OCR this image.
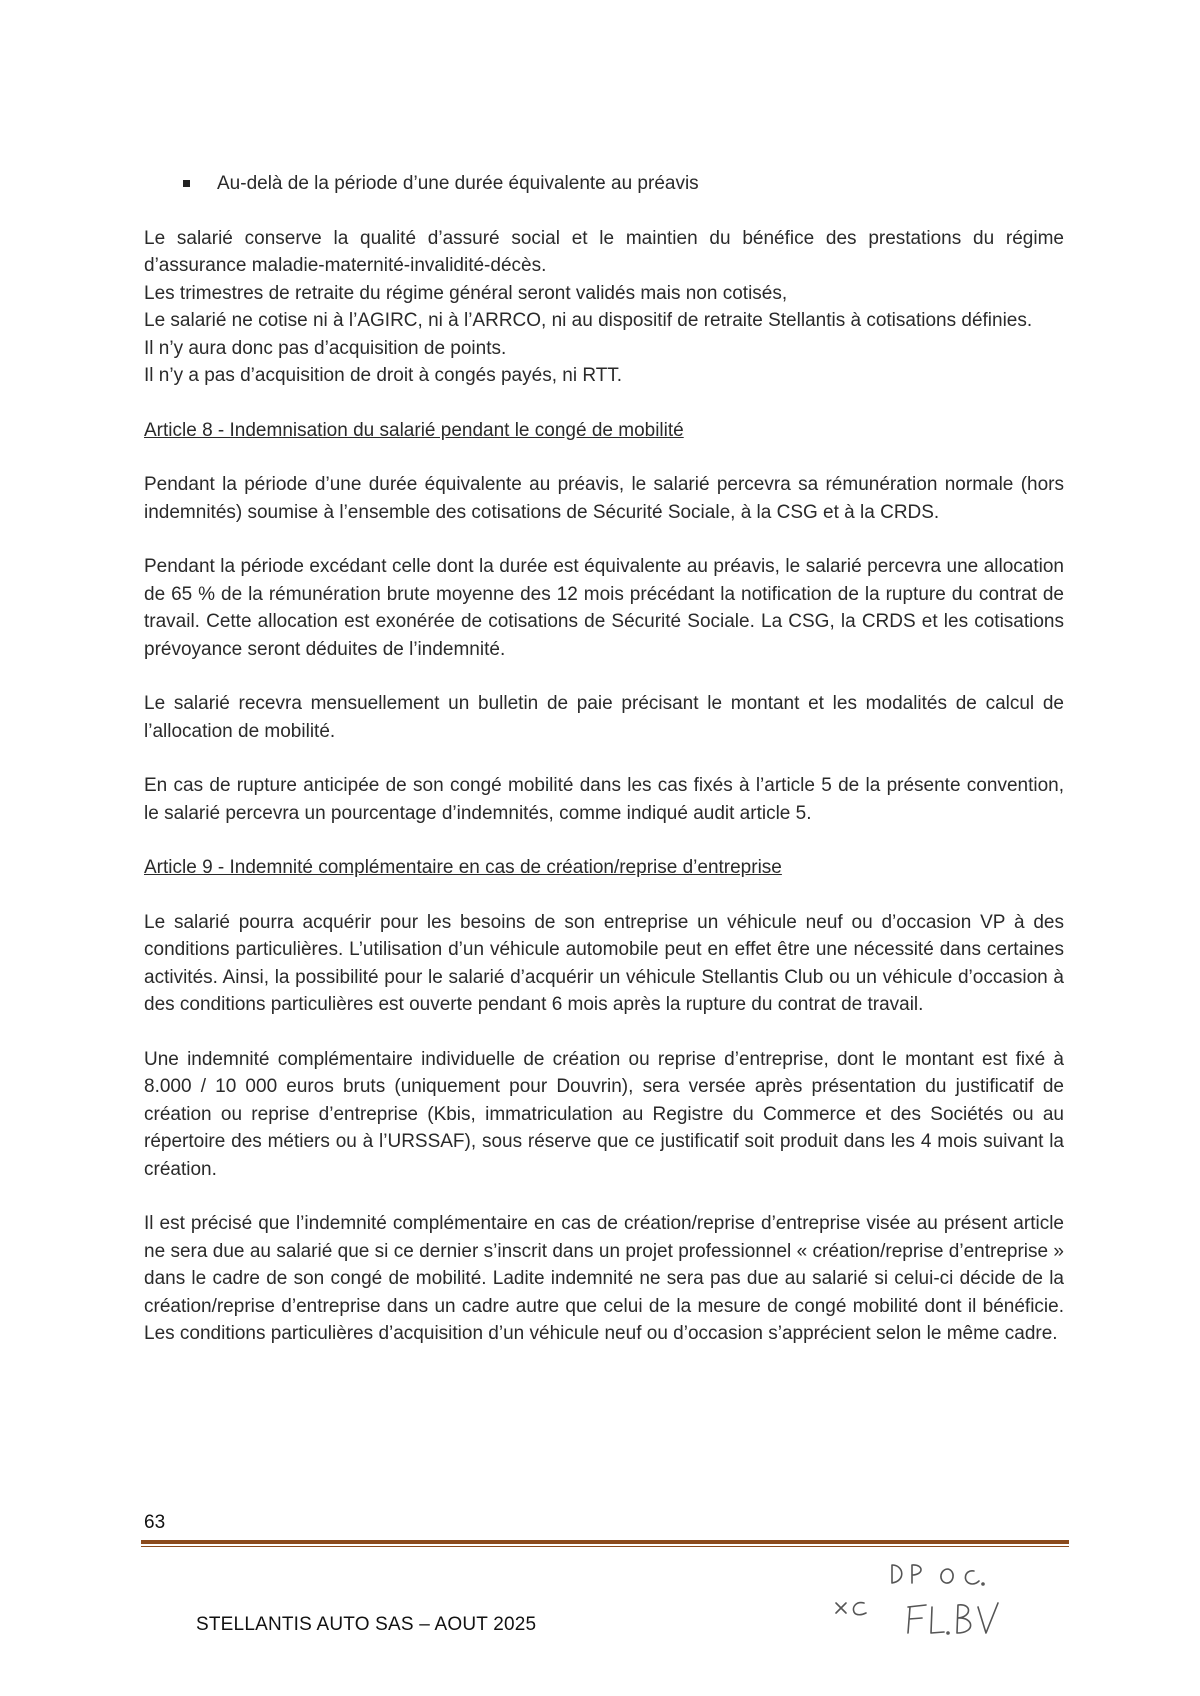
Au-delà de la période d’une durée équivalente au préavis

Le salarié conserve la qualité d’assuré social et le maintien du bénéfice des prestations du régime d’assurance maladie-maternité-invalidité-décès.

Les trimestres de retraite du régime général seront validés mais non cotisés,

Le salarié ne cotise ni à l’AGIRC, ni à l’ARRCO, ni au dispositif de retraite Stellantis à cotisations définies.

Il n’y aura donc pas d’acquisition de points.

Il n’y a pas d’acquisition de droit à congés payés, ni RTT.

Article 8 - Indemnisation du salarié pendant le congé de mobilité

Pendant la période d’une durée équivalente au préavis, le salarié percevra sa rémunération normale (hors indemnités) soumise à l’ensemble des cotisations de Sécurité Sociale, à la CSG et à la CRDS.

Pendant la période excédant celle dont la durée est équivalente au préavis, le salarié percevra une allocation de 65 % de la rémunération brute moyenne des 12 mois précédant la notification de la rupture du contrat de travail. Cette allocation est exonérée de cotisations de Sécurité Sociale. La CSG, la CRDS et les cotisations prévoyance seront déduites de l’indemnité.

Le salarié recevra mensuellement un bulletin de paie précisant le montant et les modalités de calcul de l’allocation de mobilité.

En cas de rupture anticipée de son congé mobilité dans les cas fixés à l’article 5 de la présente convention, le salarié percevra un pourcentage d’indemnités, comme indiqué audit article 5.

Article 9 - Indemnité complémentaire en cas de création/reprise d’entreprise

Le salarié pourra acquérir pour les besoins de son entreprise un véhicule neuf ou d’occasion VP à des conditions particulières. L’utilisation d’un véhicule automobile peut en effet être une nécessité dans certaines activités. Ainsi, la possibilité pour le salarié d’acquérir un véhicule Stellantis Club ou un véhicule d’occasion à des conditions particulières est ouverte pendant 6 mois après la rupture du contrat de travail.

Une indemnité complémentaire individuelle de création ou reprise d’entreprise, dont le montant est fixé à 8.000 / 10 000 euros bruts (uniquement pour Douvrin), sera versée après présentation du justificatif de création ou reprise d’entreprise (Kbis, immatriculation au Registre du Commerce et des Sociétés ou au répertoire des métiers ou à l’URSSAF), sous réserve que ce justificatif soit produit dans les 4 mois suivant la création.

Il est précisé que l’indemnité complémentaire en cas de création/reprise d’entreprise visée au présent article ne sera due au salarié que si ce dernier s’inscrit dans un projet professionnel « création/reprise d’entreprise » dans le cadre de son congé de mobilité. Ladite indemnité ne sera pas due au salarié si celui-ci décide de la création/reprise d’entreprise dans un cadre autre que celui de la mesure de congé mobilité dont il bénéficie. Les conditions particulières d’acquisition d’un véhicule neuf ou d’occasion s’apprécient selon le même cadre.

63
STELLANTIS AUTO SAS – AOUT 2025
